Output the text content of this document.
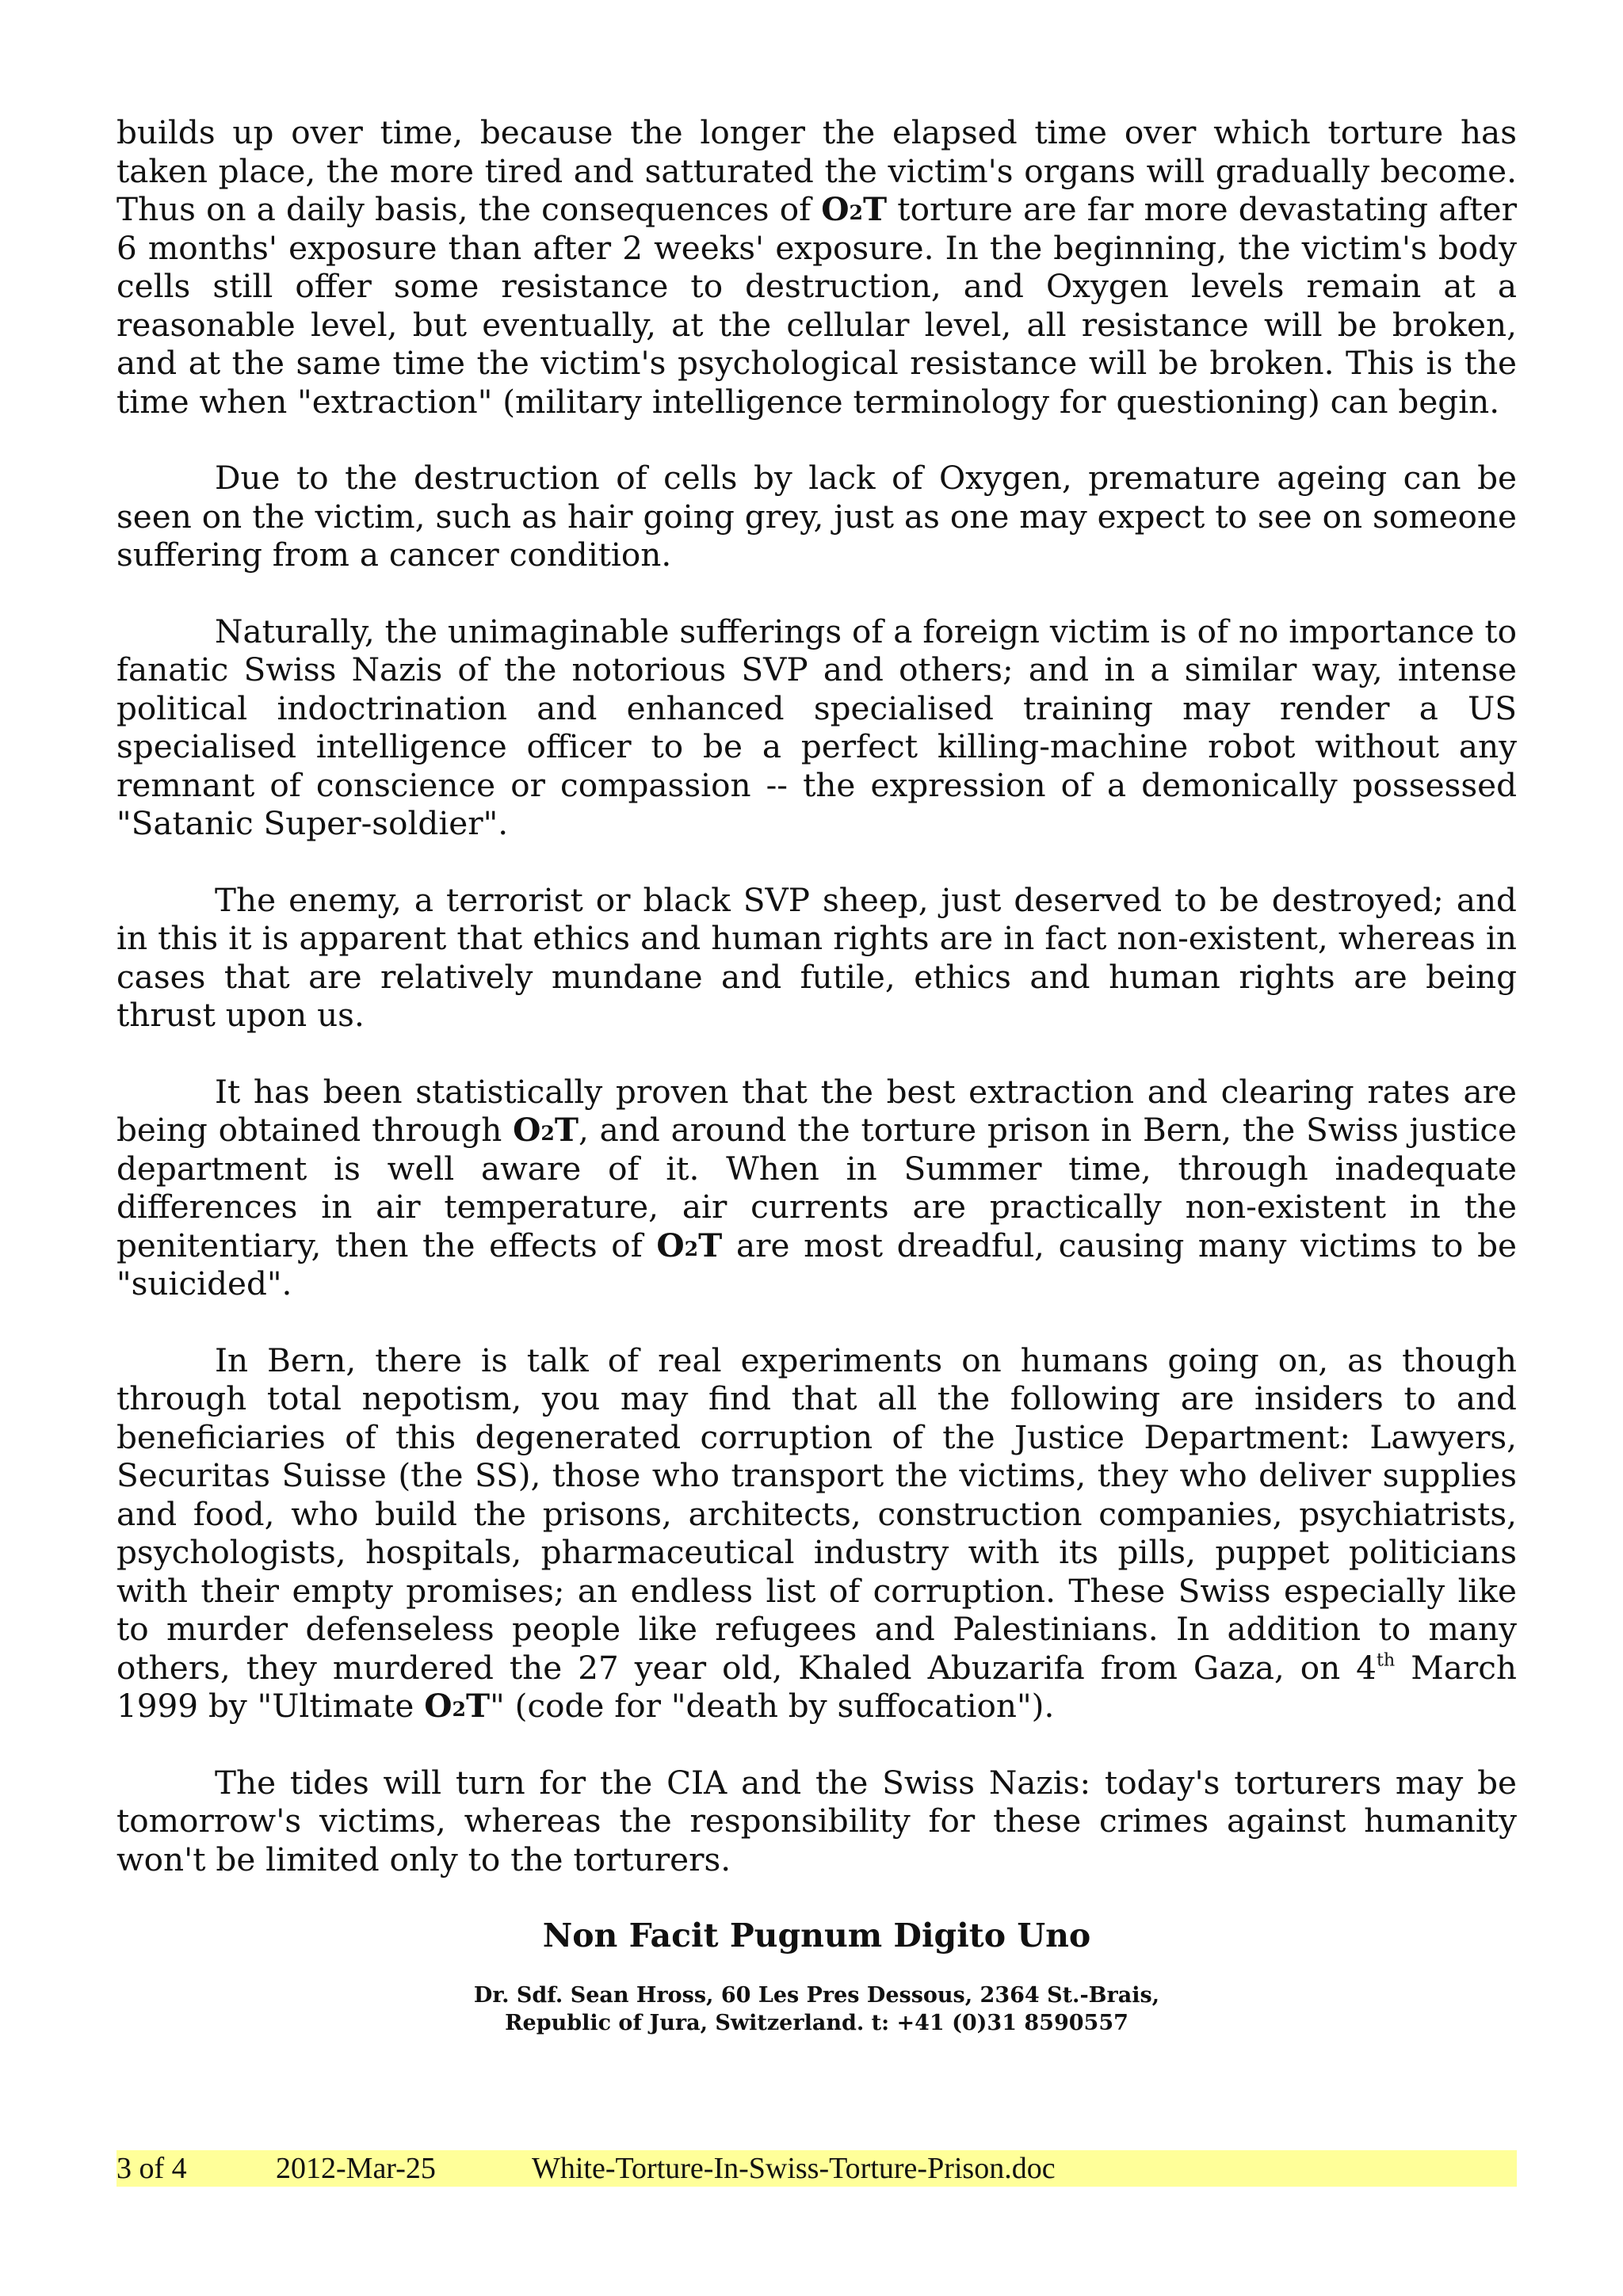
builds up over time, because the longer the elapsed time over which torture has taken place, the more tired and satturated the victim's organs will gradually become. Thus on a daily basis, the consequences of $O_2T$ torture are far more devastating after 6 months' exposure than after 2 weeks' exposure. In the beginning, the victim's body cells still offer some resistance to destruction, and Oxygen levels remain at a reasonable level, but eventually, at the cellular level, all resistance will be broken, and at the same time the victim's psychological resistance will be broken. This is the time when "extraction" (military intelligence terminology for questioning) can begin.

Due to the destruction of cells by lack of Oxygen, premature ageing can be seen on the victim, such as hair going grey, just as one may expect to see on someone suffering from a cancer condition.

Naturally, the unimaginable sufferings of a foreign victim is of no importance to fanatic Swiss Nazis of the notorious SVP and others; and in a similar way, intense political indoctrination and enhanced specialised training may render a US specialised intelligence officer to be a perfect killing-machine robot without any remnant of conscience or compassion -- the expression of a demonically possessed "Satanic Super-soldier".

The enemy, a terrorist or black SVP sheep, just deserved to be destroyed; and in this it is apparent that ethics and human rights are in fact non-existent, whereas in cases that are relatively mundane and futile, ethics and human rights are being thrust upon us.

It has been statistically proven that the best extraction and clearing rates are being obtained through $O_2T$, and around the torture prison in Bern, the Swiss justice department is well aware of it. When in Summer time, through inadequate differences in air temperature, air currents are practically non-existent in the penitentiary, then the effects of $O_2T$ are most dreadful, causing many victims to be "suicided".

In Bern, there is talk of real experiments on humans going on, as though through total nepotism, you may find that all the following are insiders to and beneficiaries of this degenerated corruption of the Justice Department: Lawyers, Securitas Suisse (the SS), those who transport the victims, they who deliver supplies and food, who build the prisons, architects, construction companies, psychiatrists, psychologists, hospitals, pharmaceutical industry with its pills, puppet politicians with their empty promises; an endless list of corruption. These Swiss especially like to murder defenseless people like refugees and Palestinians. In addition to many others, they murdered the 27 year old, Khaled Abuzarifa from Gaza, on 4th March 1999 by "Ultimate $O_2T$" (code for "death by suffocation").

The tides will turn for the CIA and the Swiss Nazis: today's torturers may be tomorrow's victims, whereas the responsibility for these crimes against humanity won't be limited only to the torturers.

Non Facit Pugnum Digito Uno
Dr. Sdf. Sean Hross, 60 Les Pres Dessous, 2364 St.-Brais,
Republic of Jura, Switzerland. t: +41 (0)31 8590557
3 of 4	2012-Mar-25	White-Torture-In-Swiss-Torture-Prison.doc
